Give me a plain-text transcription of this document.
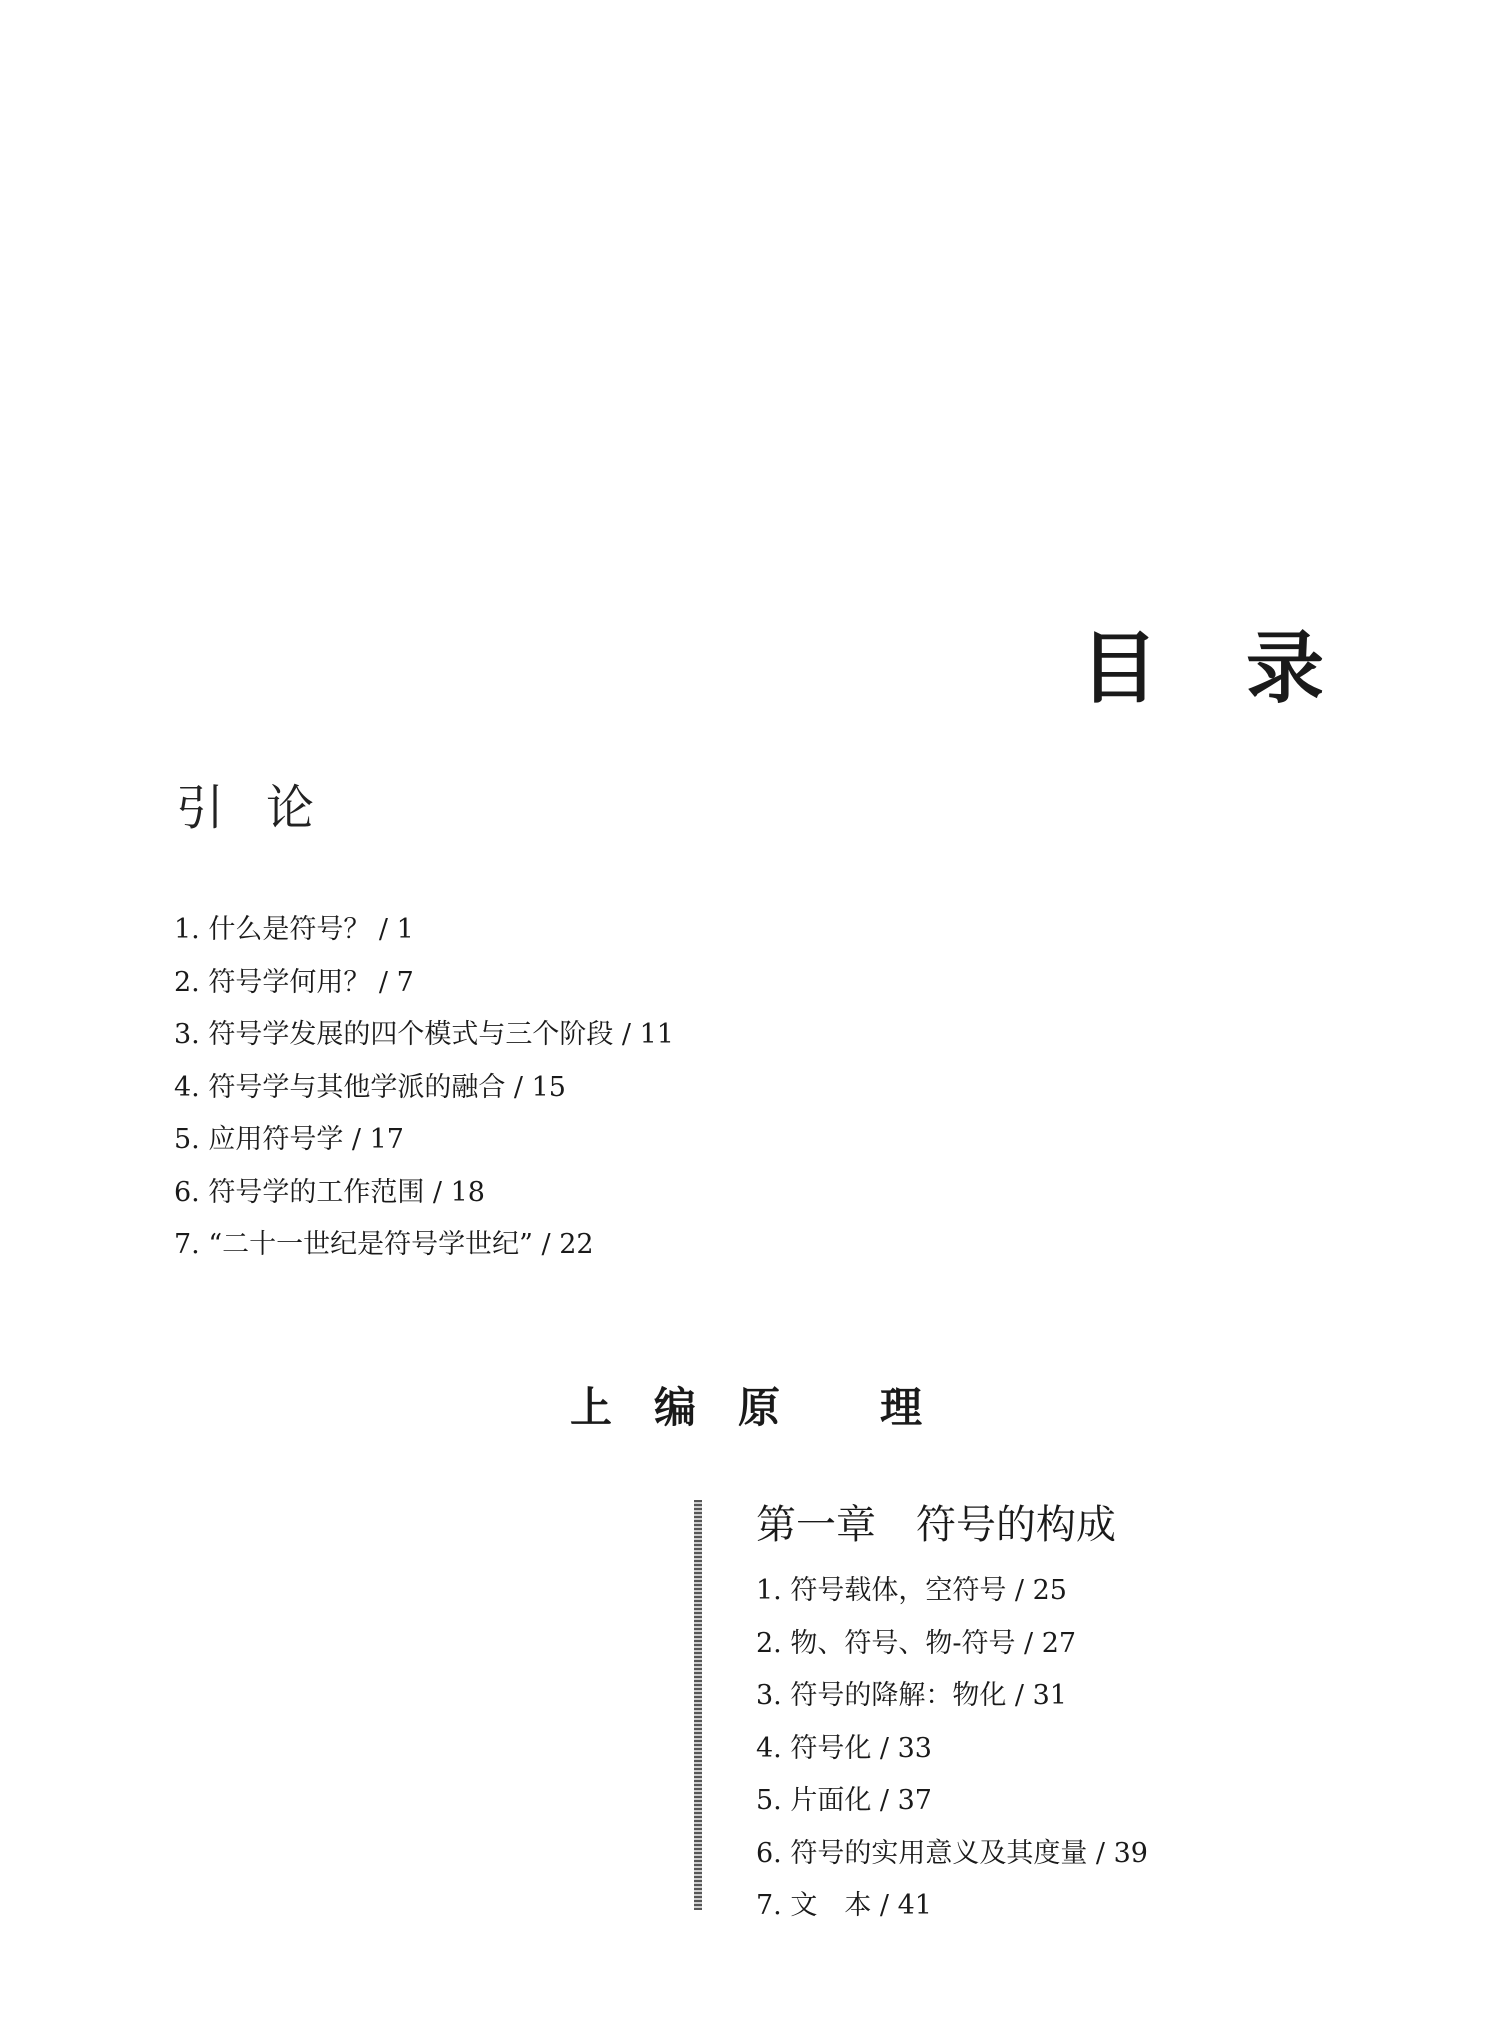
目录
引论
1. 什么是符号？ / 1
2. 符号学何用？ / 7
3. 符号学发展的四个模式与三个阶段 / 11
4. 符号学与其他学派的融合 / 15
5. 应用符号学 / 17
6. 符号学的工作范围 / 18
7. “二十一世纪是符号学世纪” / 22
上 编 原 理
第一章 符号的构成
1. 符号载体，空符号 / 25
2. 物、符号、物-符号 / 27
3. 符号的降解：物化 / 31
4. 符号化 / 33
5. 片面化 / 37
6. 符号的实用意义及其度量 / 39
7. 文　本 / 41
